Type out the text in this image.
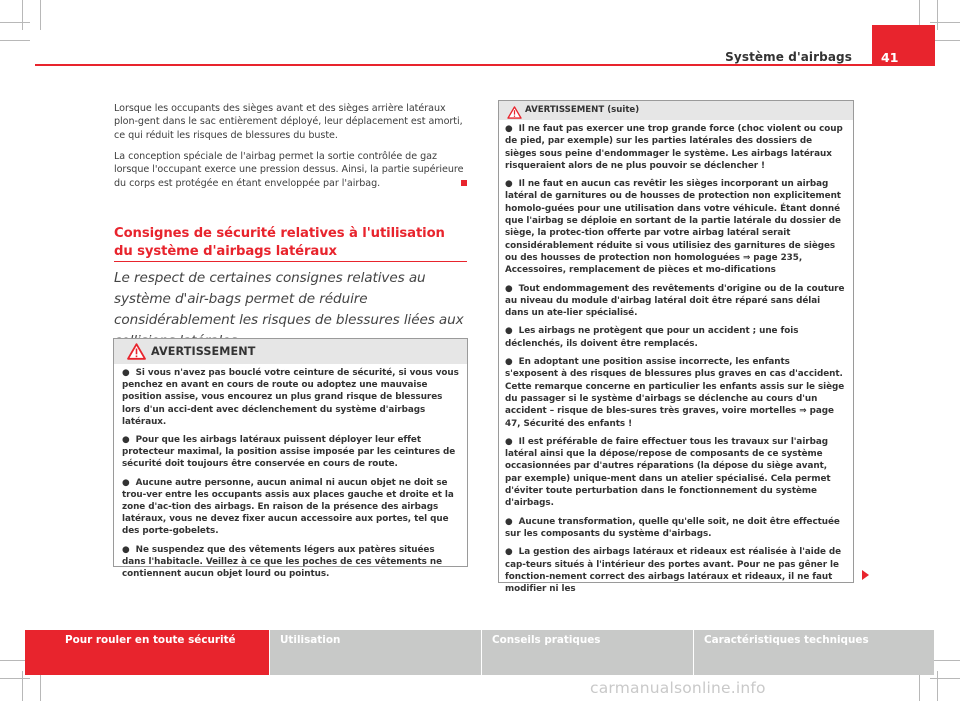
Système d'airbags	41

Lorsque les occupants des sièges avant et des sièges arrière latéraux plon-gent dans le sac entièrement déployé, leur déplacement est amorti, ce qui réduit les risques de blessures du buste.

La conception spéciale de l'airbag permet la sortie contrôlée de gaz lorsque l'occupant exerce une pression dessus. Ainsi, la partie supérieure du corps est protégée en étant enveloppée par l'airbag.

Consignes de sécurité relatives à l'utilisation du système d'airbags latéraux

Le respect de certaines consignes relatives au système d'air-bags permet de réduire considérablement les risques de blessures liées aux

AVERTISSEMENT
● Si vous n'avez pas bouclé votre ceinture de sécurité, si vous vous penchez en avant en cours de route ou adoptez une mauvaise position assise, vous encourez un plus grand risque de blessures lors d'un acci-dent avec déclenchement du système d'airbags latéraux.
● Pour que les airbags latéraux puissent déployer leur effet protecteur maximal, la position assise imposée par les ceintures de sécurité doit toujours être conservée en cours de route.
● Aucune autre personne, aucun animal ni aucun objet ne doit se trou-ver entre les occupants assis aux places gauche et droite et la zone d'ac-tion des airbags. En raison de la présence des airbags latéraux, vous ne devez fixer aucun accessoire aux portes, tel que des porte-gobelets.
● Ne suspendez que des vêtements légers aux patères situées dans l'habitacle. Veillez à ce que les poches de ces vêtements ne contiennent aucun objet lourd ou pointus.
AVERTISSEMENT (suite)
● Il ne faut pas exercer une trop grande force (choc violent ou coup de pied, par exemple) sur les parties latérales des dossiers de sièges sous peine d'endommager le système. Les airbags latéraux risqueraient alors de ne plus pouvoir se déclencher !
● Il ne faut en aucun cas revêtir les sièges incorporant un airbag latéral de garnitures ou de housses de protection non explicitement homolo-guées pour une utilisation dans votre véhicule. Étant donné que l'airbag se déploie en sortant de la partie latérale du dossier de siège, la protec-tion offerte par votre airbag latéral serait considérablement réduite si vous utilisiez des garnitures de sièges ou des housses de protection non homologuées ⇒ page 235, Accessoires, remplacement de pièces et mo-difications
● Tout endommagement des revêtements d'origine ou de la couture au niveau du module d'airbag latéral doit être réparé sans délai dans un ate-lier spécialisé.
● Les airbags ne protègent que pour un accident ; une fois déclenchés, ils doivent être remplacés.
● En adoptant une position assise incorrecte, les enfants s'exposent à des risques de blessures plus graves en cas d'accident. Cette remarque concerne en particulier les enfants assis sur le siège du passager si le système d'airbags se déclenche au cours d'un accident – risque de bles-sures très graves, voire mortelles ⇒ page 47, Sécurité des enfants !
● Il est préférable de faire effectuer tous les travaux sur l'airbag latéral ainsi que la dépose/repose de composants de ce système occasionnées par d'autres réparations (la dépose du siège avant, par exemple) unique-ment dans un atelier spécialisé. Cela permet d'éviter toute perturbation dans le fonctionnement du système d'airbags.
● Aucune transformation, quelle qu'elle soit, ne doit être effectuée sur les composants du système d'airbags.
● La gestion des airbags latéraux et rideaux est réalisée à l'aide de cap-teurs situés à l'intérieur des portes avant. Pour ne pas gêner le fonction-nement correct des airbags latéraux et rideaux, il ne faut modifier ni les
Pour rouler en toute sécurité	Utilisation	Conseils pratiques	Caractéristiques techniques
carmanualsonline.info
